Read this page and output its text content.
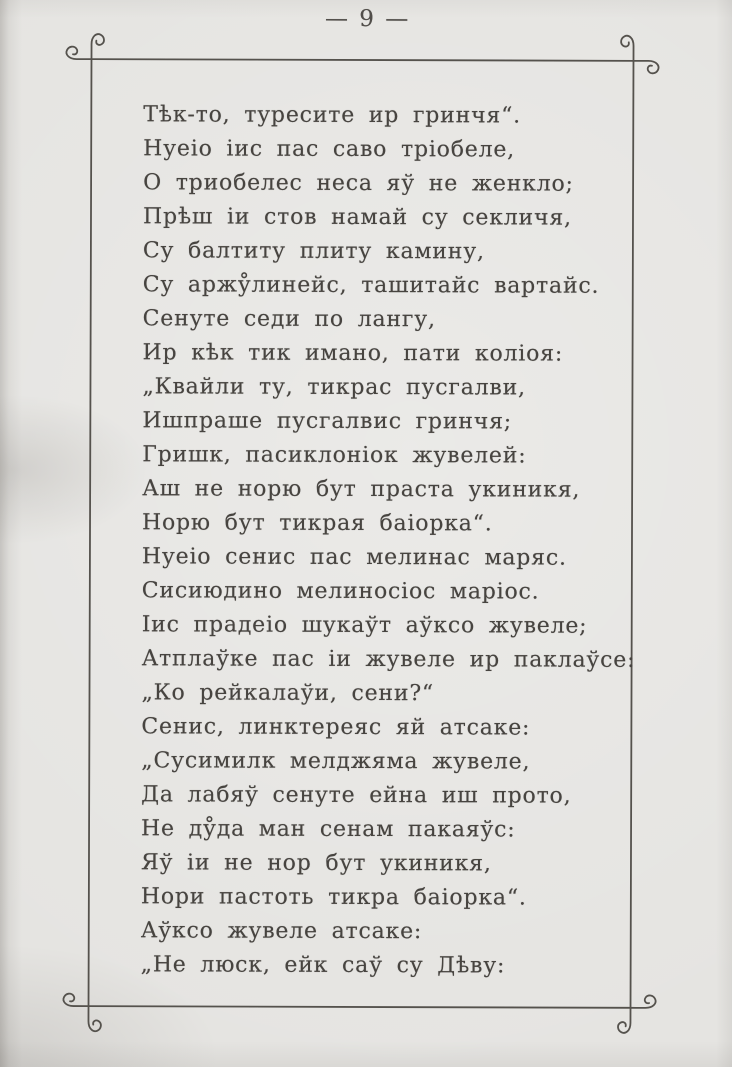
— 9 —
Тѣк-то, туресите ир гринчя“.
Нуеіо іис пас саво тріобеле,
О триобелес неса яў не женкло;
Прѣш іи стов намай су секличя,
Су балтиту плиту камину,
Су аржу̊линейс, ташитайс вартайс.
Сенуте седи по лангу,
Ир кѣк тик имано, пати коліоя:
„Квайли ту, тикрас пусгалви,
Ишпраше пусгалвис гринчя;
Гришк, пасиклоніок жувелей:
Аш не норю бут праста укиникя,
Норю бут тикрая баіорка“.
Нуеіо сенис пас мелинас маряс.
Сисиюдино мелиносіос маріос.
Іис прадеіо шукаўт аўксо жувеле;
Атплаўке пас іи жувеле ир паклаўсе:
„Ко рейкалаўи, сени?“
Сенис, линктереяс яй атсаке:
„Сусимилк мелджяма жувеле,
Да лабяў сенуте ейна иш прото,
Не ду̊да ман сенам пакаяўс:
Яў іи не нор бут укиникя,
Нори пастоть тикра баіорка“.
Аўксо жувеле атсаке:
„Не люск, ейк саў су Дѣву:
